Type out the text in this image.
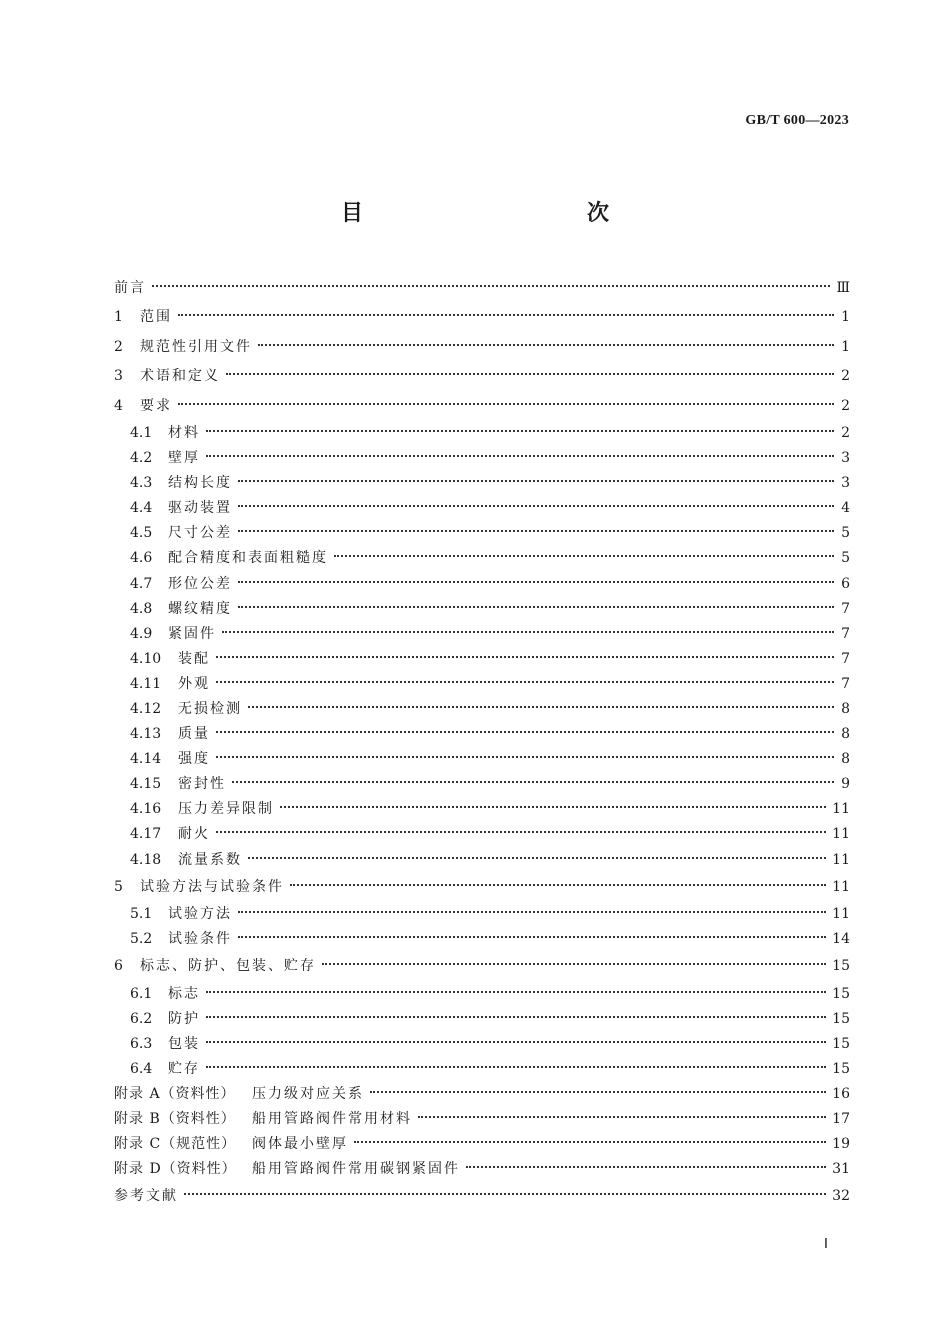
GB/T 600—2023
目　　次
前言	Ⅲ
1	范围	1
2	规范性引用文件	1
3	术语和定义	2
4	要求	2
4.1	材料	2
4.2	壁厚	3
4.3	结构长度	3
4.4	驱动装置	4
4.5	尺寸公差	5
4.6	配合精度和表面粗糙度	5
4.7	形位公差	6
4.8	螺纹精度	7
4.9	紧固件	7
4.10	装配	7
4.11	外观	7
4.12	无损检测	8
4.13	质量	8
4.14	强度	8
4.15	密封性	9
4.16	压力差异限制	11
4.17	耐火	11
4.18	流量系数	11
5	试验方法与试验条件	11
5.1	试验方法	11
5.2	试验条件	14
6	标志、防护、包装、贮存	15
6.1	标志	15
6.2	防护	15
6.3	包装	15
6.4	贮存	15
附录 A（资料性）	压力级对应关系	16
附录 B（资料性）	船用管路阀件常用材料	17
附录 C（规范性）	阀体最小壁厚	19
附录 D（资料性）	船用管路阀件常用碳钢紧固件	31
参考文献	32
Ⅰ
